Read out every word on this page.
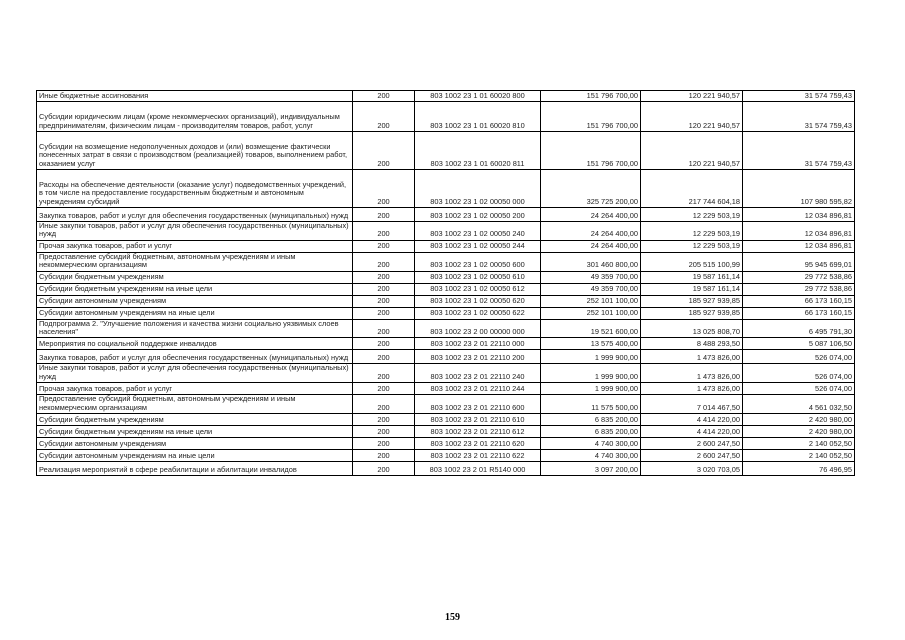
Иные бюджетные ассигнования	200	803 1002 23 1 01 60020 800	151 796 700,00	120 221 940,57	31 574 759,43
Субсидии юридическим лицам (кроме некоммерческих организаций), индивидуальным предпринимателям, физическим лицам - производителям товаров, работ, услуг	200	803 1002 23 1 01 60020 810	151 796 700,00	120 221 940,57	31 574 759,43
Субсидии на возмещение недополученных доходов и (или) возмещение фактически понесенных затрат в связи с производством (реализацией) товаров, выполнением работ, оказанием услуг	200	803 1002 23 1 01 60020 811	151 796 700,00	120 221 940,57	31 574 759,43
Расходы на обеспечение деятельности (оказание услуг) подведомственных учреждений, в том числе на предоставление государственным бюджетным и автономным учреждениям субсидий	200	803 1002 23 1 02 00050 000	325 725 200,00	217 744 604,18	107 980 595,82
Закупка товаров, работ и услуг для обеспечения государственных (муниципальных) нужд	200	803 1002 23 1 02 00050 200	24 264 400,00	12 229 503,19	12 034 896,81
Иные закупки товаров, работ и услуг для обеспечения государственных (муниципальных) нужд	200	803 1002 23 1 02 00050 240	24 264 400,00	12 229 503,19	12 034 896,81
Прочая закупка товаров, работ и услуг	200	803 1002 23 1 02 00050 244	24 264 400,00	12 229 503,19	12 034 896,81
Предоставление субсидий бюджетным, автономным учреждениям и иным некоммерческим организациям	200	803 1002 23 1 02 00050 600	301 460 800,00	205 515 100,99	95 945 699,01
Субсидии бюджетным учреждениям	200	803 1002 23 1 02 00050 610	49 359 700,00	19 587 161,14	29 772 538,86
Субсидии бюджетным учреждениям на иные цели	200	803 1002 23 1 02 00050 612	49 359 700,00	19 587 161,14	29 772 538,86
Субсидии автономным учреждениям	200	803 1002 23 1 02 00050 620	252 101 100,00	185 927 939,85	66 173 160,15
Субсидии автономным учреждениям на иные цели	200	803 1002 23 1 02 00050 622	252 101 100,00	185 927 939,85	66 173 160,15
Подпрограмма 2. "Улучшение положения и качества жизни социально уязвимых слоев населения"	200	803 1002 23 2 00 00000 000	19 521 600,00	13 025 808,70	6 495 791,30
Мероприятия по социальной поддержке инвалидов	200	803 1002 23 2 01 22110 000	13 575 400,00	8 488 293,50	5 087 106,50
Закупка товаров, работ и услуг для обеспечения государственных (муниципальных) нужд	200	803 1002 23 2 01 22110 200	1 999 900,00	1 473 826,00	526 074,00
Иные закупки товаров, работ и услуг для обеспечения государственных (муниципальных) нужд	200	803 1002 23 2 01 22110 240	1 999 900,00	1 473 826,00	526 074,00
Прочая закупка товаров, работ и услуг	200	803 1002 23 2 01 22110 244	1 999 900,00	1 473 826,00	526 074,00
Предоставление субсидий бюджетным, автономным учреждениям и иным некоммерческим организациям	200	803 1002 23 2 01 22110 600	11 575 500,00	7 014 467,50	4 561 032,50
Субсидии бюджетным учреждениям	200	803 1002 23 2 01 22110 610	6 835 200,00	4 414 220,00	2 420 980,00
Субсидии бюджетным учреждениям на иные цели	200	803 1002 23 2 01 22110 612	6 835 200,00	4 414 220,00	2 420 980,00
Субсидии автономным учреждениям	200	803 1002 23 2 01 22110 620	4 740 300,00	2 600 247,50	2 140 052,50
Субсидии автономным учреждениям на иные цели	200	803 1002 23 2 01 22110 622	4 740 300,00	2 600 247,50	2 140 052,50
Реализация мероприятий в сфере реабилитации и абилитации инвалидов	200	803 1002 23 2 01 R5140 000	3 097 200,00	3 020 703,05	76 496,95
159
